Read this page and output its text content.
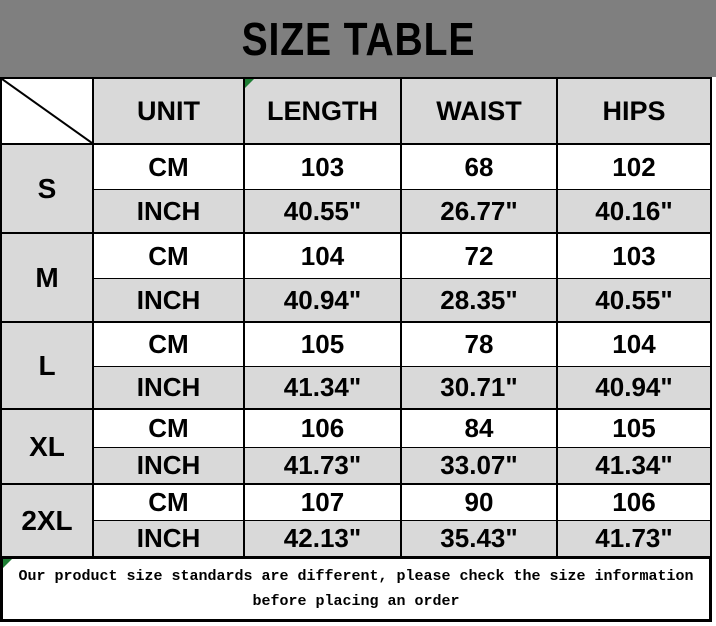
SIZE TABLE
UNIT	LENGTH	WAIST	HIPS
S
CM	103	68	102
INCH	40.55"	26.77"	40.16"
M
CM	104	72	103
INCH	40.94"	28.35"	40.55"
L
CM	105	78	104
INCH	41.34"	30.71"	40.94"
XL
CM	106	84	105
INCH	41.73"	33.07"	41.34"
2XL
CM	107	90	106
INCH	42.13"	35.43"	41.73"
Our product size standards are different, please check the size information
before placing an order
